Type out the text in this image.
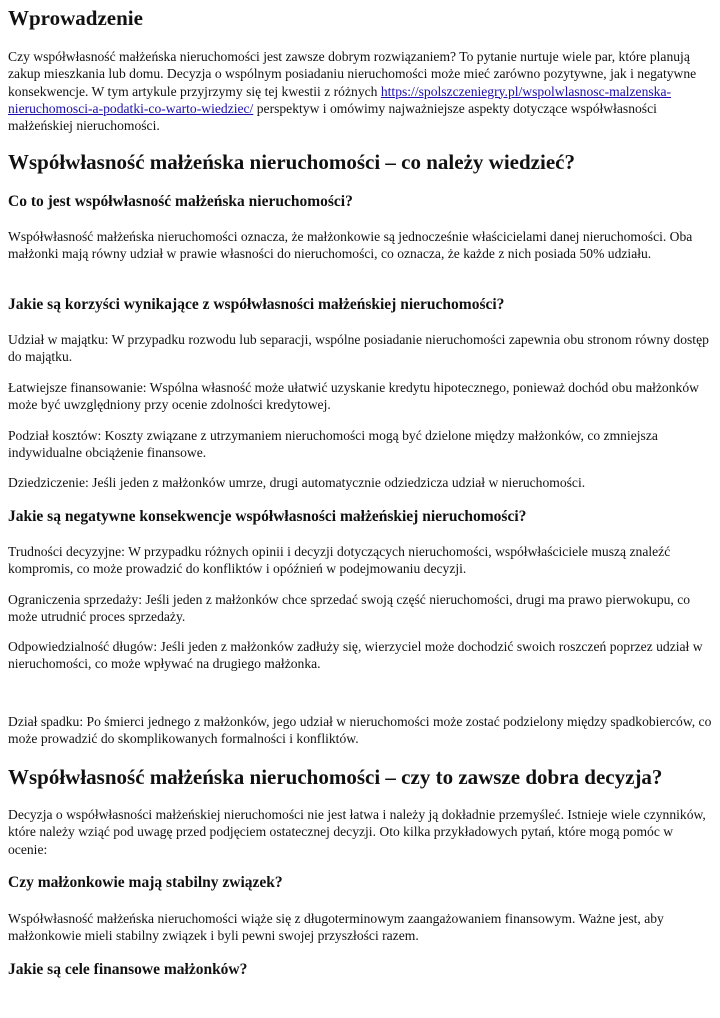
Wprowadzenie

Czy współwłasność małżeńska nieruchomości jest zawsze dobrym rozwiązaniem? To pytanie nurtuje wiele par, które planują zakup mieszkania lub domu. Decyzja o wspólnym posiadaniu nieruchomości może mieć zarówno pozytywne, jak i negatywne konsekwencje. W tym artykule przyjrzymy się tej kwestii z różnych https://spolszczeniegry.pl/wspolwlasnosc-malzenska-nieruchomosci-a-podatki-co-warto-wiedziec/ perspektyw i omówimy najważniejsze aspekty dotyczące współwłasności małżeńskiej nieruchomości.

Współwłasność małżeńska nieruchomości – co należy wiedzieć?
Co to jest współwłasność małżeńska nieruchomości?

Współwłasność małżeńska nieruchomości oznacza, że małżonkowie są jednocześnie właścicielami danej nieruchomości. Oba małżonki mają równy udział w prawie własności do nieruchomości, co oznacza, że każde z nich posiada 50% udziału.

Jakie są korzyści wynikające z współwłasności małżeńskiej nieruchomości?

Udział w majątku: W przypadku rozwodu lub separacji, wspólne posiadanie nieruchomości zapewnia obu stronom równy dostęp do majątku.

Łatwiejsze finansowanie: Wspólna własność może ułatwić uzyskanie kredytu hipotecznego, ponieważ dochód obu małżonków może być uwzględniony przy ocenie zdolności kredytowej.

Podział kosztów: Koszty związane z utrzymaniem nieruchomości mogą być dzielone między małżonków, co zmniejsza indywidualne obciążenie finansowe.

Dziedziczenie: Jeśli jeden z małżonków umrze, drugi automatycznie odziedzicza udział w nieruchomości.

Jakie są negatywne konsekwencje współwłasności małżeńskiej nieruchomości?

Trudności decyzyjne: W przypadku różnych opinii i decyzji dotyczących nieruchomości, współwłaściciele muszą znaleźć kompromis, co może prowadzić do konfliktów i opóźnień w podejmowaniu decyzji.

Ograniczenia sprzedaży: Jeśli jeden z małżonków chce sprzedać swoją część nieruchomości, drugi ma prawo pierwokupu, co może utrudnić proces sprzedaży.

Odpowiedzialność długów: Jeśli jeden z małżonków zadłuży się, wierzyciel może dochodzić swoich roszczeń poprzez udział w nieruchomości, co może wpływać na drugiego małżonka.

Dział spadku: Po śmierci jednego z małżonków, jego udział w nieruchomości może zostać podzielony między spadkobierców, co może prowadzić do skomplikowanych formalności i konfliktów.

Współwłasność małżeńska nieruchomości – czy to zawsze dobra decyzja?

Decyzja o współwłasności małżeńskiej nieruchomości nie jest łatwa i należy ją dokładnie przemyśleć. Istnieje wiele czynników, które należy wziąć pod uwagę przed podjęciem ostatecznej decyzji. Oto kilka przykładowych pytań, które mogą pomóc w ocenie:

Czy małżonkowie mają stabilny związek?

Współwłasność małżeńska nieruchomości wiąże się z długoterminowym zaangażowaniem finansowym. Ważne jest, aby małżonkowie mieli stabilny związek i byli pewni swojej przyszłości razem.

Jakie są cele finansowe małżonków?
